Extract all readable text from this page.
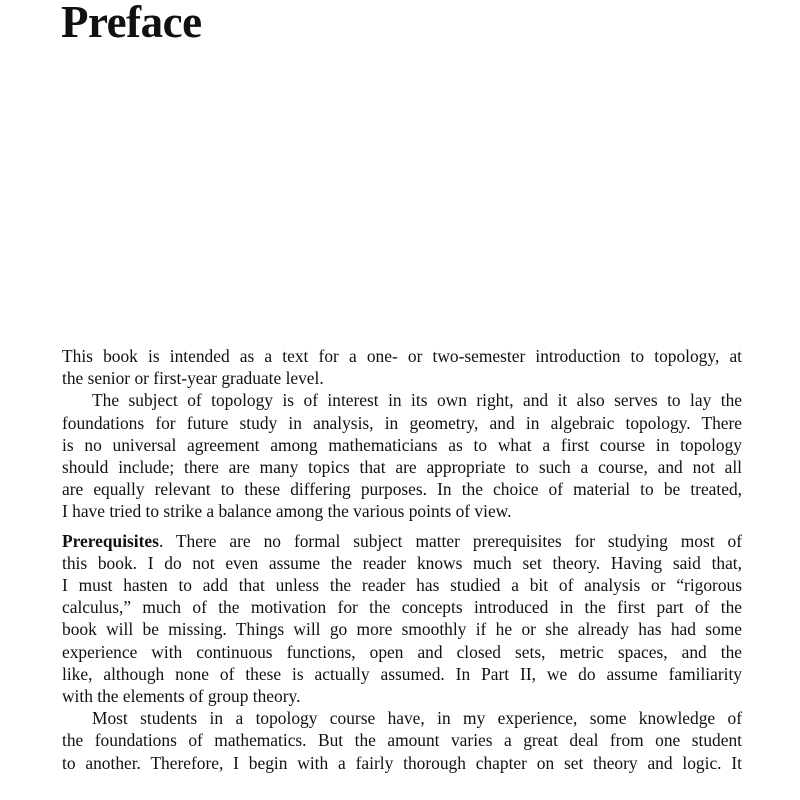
Preface

This book is intended as a text for a one- or two-semester introduction to topology, at
the senior or first-year graduate level.

The subject of topology is of interest in its own right, and it also serves to lay the
foundations for future study in analysis, in geometry, and in algebraic topology. There
is no universal agreement among mathematicians as to what a first course in topology
should include; there are many topics that are appropriate to such a course, and not all
are equally relevant to these differing purposes. In the choice of material to be treated,
I have tried to strike a balance among the various points of view.

Prerequisites. There are no formal subject matter prerequisites for studying most of
this book. I do not even assume the reader knows much set theory. Having said that,
I must hasten to add that unless the reader has studied a bit of analysis or “rigorous
calculus,” much of the motivation for the concepts introduced in the first part of the
book will be missing. Things will go more smoothly if he or she already has had some
experience with continuous functions, open and closed sets, metric spaces, and the
like, although none of these is actually assumed. In Part II, we do assume familiarity
with the elements of group theory.

Most students in a topology course have, in my experience, some knowledge of
the foundations of mathematics. But the amount varies a great deal from one student
to another. Therefore, I begin with a fairly thorough chapter on set theory and logic. It
